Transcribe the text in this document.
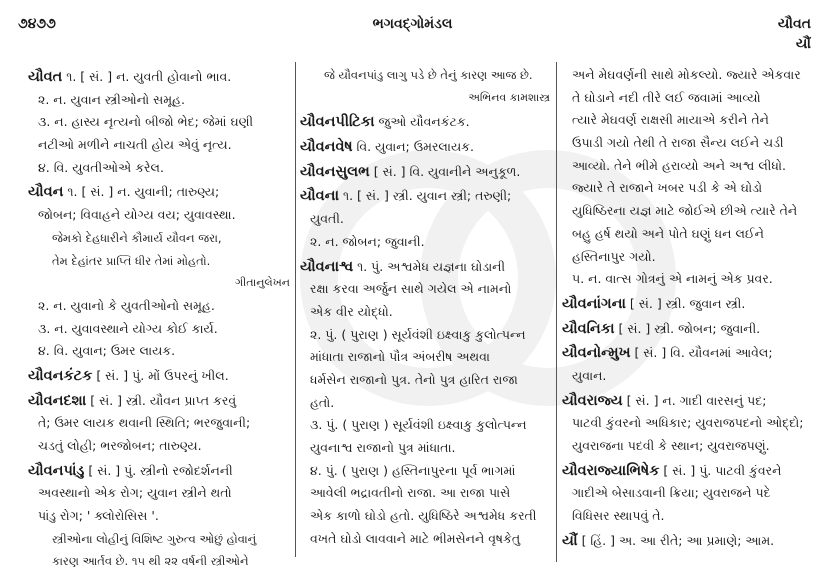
૭૪૭૭	ભગવદ્ગોમંડલ	યૌવત
યૌં
યૌવત ૧. [ સં. ] ન. યુવતી હોવાનો ભાવ.
૨. ન. યુવાન સ્ત્રીઓનો સમૂહ.
૩. ન. હાસ્ય નૃત્યનો બીજો ભેદ; જેમાં ઘણી
નટીઓ મળીને નાચતી હોય એવું નૃત્ય.
૪. વિ. યુવતીઓએ કરેલ.
યૌવન ૧. [ સં. ] ન. યુવાની; તારુણ્ય;
જોબન; વિવાહને યોગ્ય વય; યુવાવસ્થા.
જેમકો દેહધારીને કૌમાર્ય યૌવન જરા,
તેમ દેહાંતર પ્રાપ્તિ ધીર તેમાં મોહતો.
ગીતાનુલેખન
૨. ન. યુવાનો કે યુવતીઓનો સમૂહ.
૩. ન. યુવાવસ્થાને યોગ્ય કોઈ કાર્ય.
૪. વિ. યુવાન; ઉમર લાયક.
યૌવનકંટક [ સં. ] પું. મોં ઉપરનું ખીલ.
યૌવનદશા [ સં. ] સ્ત્રી. યૌવન પ્રાપ્ત કરવું
તે; ઉમર લાયક થવાની સ્થિતિ; ભરજુવાની;
ચડતું લોહી; ભરજોબન; તારુણ્ય.
યૌવનપાંડુ [ સં. ] પું. સ્ત્રીનો રજોદર્શનની
અવસ્થાનો એક રોગ; યુવાન સ્ત્રીને થતો
પાંડુ રોગ; ' ક્લોરોસિસ '.
સ્ત્રીઓના લોહીનું વિશિષ્ટ ગુરુત્વ ઓછું હોવાનું
કારણ આર્તવ છે. ૧૫ થી ૨૨ વર્ષની સ્ત્રીઓને
જે યૌવનપાંડુ લાગુ પડે છે તેનું કારણ આજ છે.
અભિનવ કામશાસ્ત્ર
યૌવનપીટિકા જુઓ યૌવનકંટક.
યૌવનવેષ વિ. યુવાન; ઉમરલાયક.
યૌવનસુલભ [ સં. ] વિ. યુવાનીને અનુકૂળ.
યૌવના ૧. [ સં. ] સ્ત્રી. યુવાન સ્ત્રી; તરુણી;
યુવતી.
૨. ન. જોબન; જુવાની.
યૌવનાશ્વ ૧. પું. અશ્વમેધ યજ્ઞના ઘોડાની
રક્ષા કરવા અર્જુન સાથે ગયેલ એ નામનો
એક વીર યોદ્ધો.
૨. પું. ( પુરાણ ) સૂર્યવંશી ઇક્ષ્વાકુ કુલોત્પન્ન
માંધાતા રાજાનો પૌત્ર અંબરીષ અથવા
ધર્મસેન રાજાનો પુત્ર. તેનો પુત્ર હારિત રાજા
હતો.
૩. પું. ( પુરાણ ) સૂર્યવંશી ઇક્ષ્વાકુ કુલોત્પન્ન
યુવનાશ્વ રાજાનો પુત્ર માંધાતા.
૪. પું. ( પુરાણ ) હસ્તિનાપુરના પૂર્વ ભાગમાં
આવેલી ભદ્રાવતીનો રાજા. આ રાજા પાસે
એક કાળો ઘોડો હતો. યુધિષ્ઠિરે અશ્વમેધ કરતી
વખતે ઘોડો લાવવાને માટે ભીમસેનને વૃષકેતુ
અને મેઘવર્ણની સાથે મોકલ્યો. જ્યારે એકવાર
તે ઘોડાને નદી તીરે લઈ જવામાં આવ્યો
ત્યારે મેઘવર્ણ રાક્ષસી માયાએ કરીને તેને
ઉપાડી ગયો તેથી તે રાજા સૈન્ય લઈને ચડી
આવ્યો. તેને ભીમે હરાવ્યો અને અશ્વ લીધો.
જ્યારે તે રાજાને ખબર પડી કે એ ઘોડો
યુધિષ્ઠિરના યજ્ઞ માટે જોઈએ છીએ ત્યારે તેને
બહુ હર્ષ થયો અને પોતે ઘણું ધન લઈને
હસ્તિનાપુર ગયો.
૫. ન. વાત્સ ગોત્રનું એ નામનું એક પ્રવર.
યૌવનાંગના [ સં. ] સ્ત્રી. જુવાન સ્ત્રી.
યૌવનિકા [ સં. ] સ્ત્રી. જોબન; જુવાની.
યૌવનોન્મુખ [ સં. ] વિ. યૌવનમાં આવેલ;
યુવાન.
યૌવરાજ્ય [ સં. ] ન. ગાદી વારસનું પદ;
પાટવી કુંવરનો અધિકાર; યુવરાજપદનો ઓદ્દો;
યુવરાજના પદવી કે સ્થાન; યુવરાજપણું.
યૌવરાજ્યાભિષેક [ સં. ] પું. પાટવી કુંવરને
ગાદીએ બેસાડવાની ક્રિયા; યુવરાજને પદે
વિધિસર સ્થાપવું તે.
યૌં [ હિં. ] અ. આ રીતે; આ પ્રમાણે; આમ.
